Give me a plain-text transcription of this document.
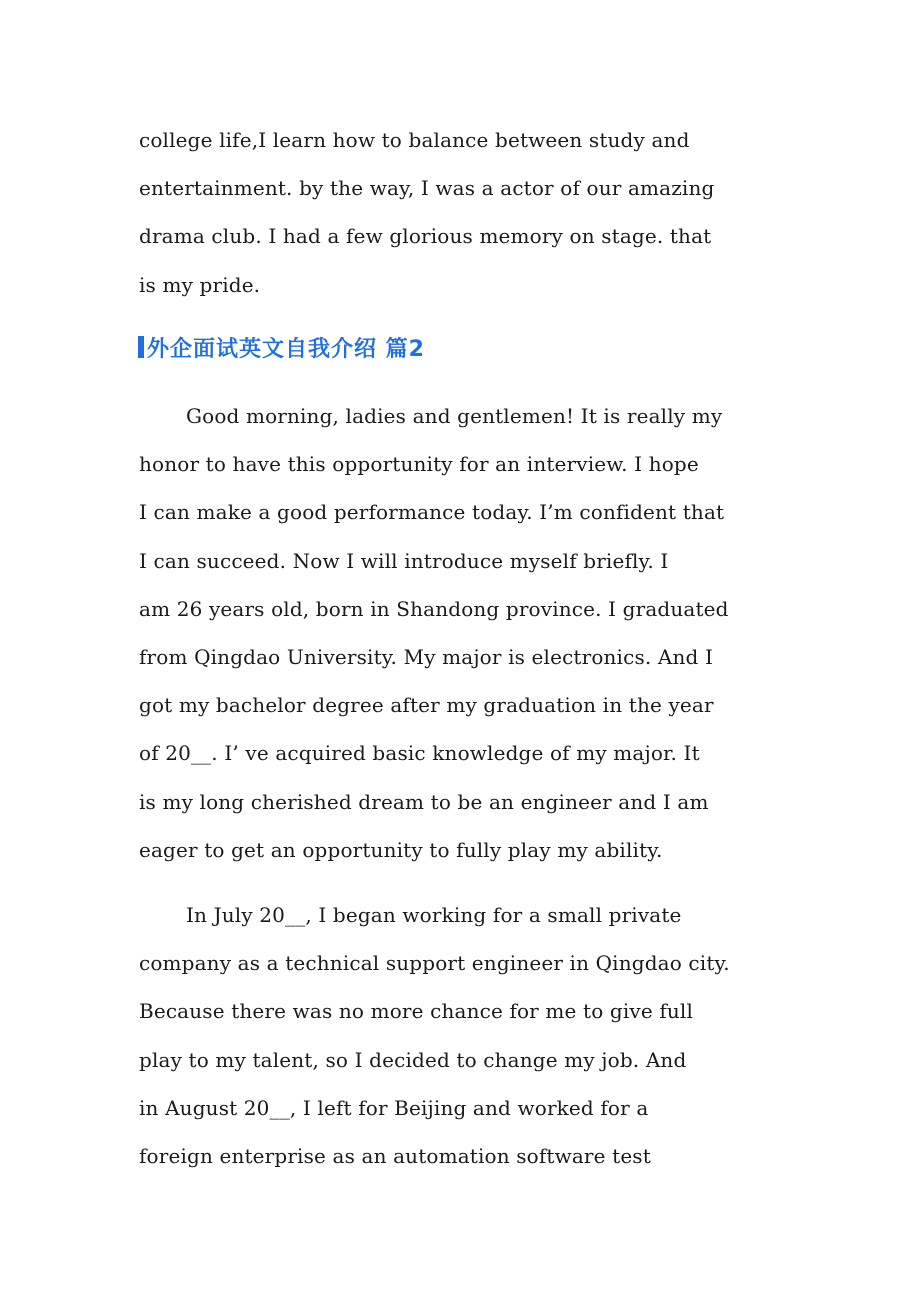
college life,I learn how to balance between study and
entertainment. by the way, I was a actor of our amazing
drama club. I had a few glorious memory on stage. that
is my pride.
外企面试英文自我介绍 篇2
Good morning, ladies and gentlemen! It is really my
honor to have this opportunity for an interview. I hope
I can make a good performance today. I’m confident that
I can succeed. Now I will introduce myself briefly. I
am 26 years old, born in Shandong province. I graduated
from Qingdao University. My major is electronics. And I
got my bachelor degree after my graduation in the year
of 20__. I’ ve acquired basic knowledge of my major. It
is my long cherished dream to be an engineer and I am
eager to get an opportunity to fully play my ability.
In July 20__, I began working for a small private
company as a technical support engineer in Qingdao city.
Because there was no more chance for me to give full
play to my talent, so I decided to change my job. And
in August 20__, I left for Beijing and worked for a
foreign enterprise as an automation software test
